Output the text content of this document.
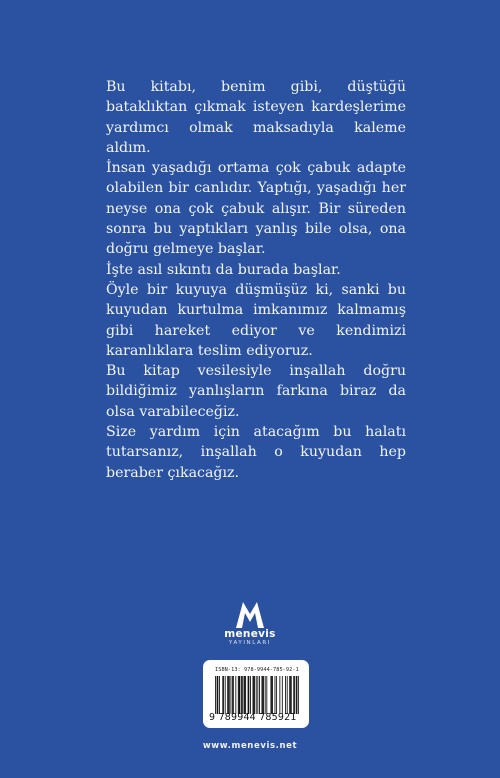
Bu kitabı, benim gibi, düştüğü bataklıktan çıkmak isteyen kardeşlerime yardımcı olmak maksadıyla kaleme aldım.

İnsan yaşadığı ortama çok çabuk adapte olabilen bir canlıdır. Yaptığı, yaşadığı her neyse ona çok çabuk alışır. Bir süreden sonra bu yaptıkları yanlış bile olsa, ona doğru gelmeye başlar.

İşte asıl sıkıntı da burada başlar.

Öyle bir kuyuya düşmüşüz ki, sanki bu kuyudan kurtulma imkanımız kalmamış gibi hareket ediyor ve kendimizi karanlıklara teslim ediyoruz.

Bu kitap vesilesiyle inşallah doğru bildiğimiz yanlışların farkına biraz da olsa varabileceğiz.

Size yardım için atacağım bu halatı tutarsanız, inşallah o kuyudan hep beraber çıkacağız.

menevis
YAYINLARI
ISBN-13: 978-9944-785-92-1
9 789944 785921
www.menevis.net
